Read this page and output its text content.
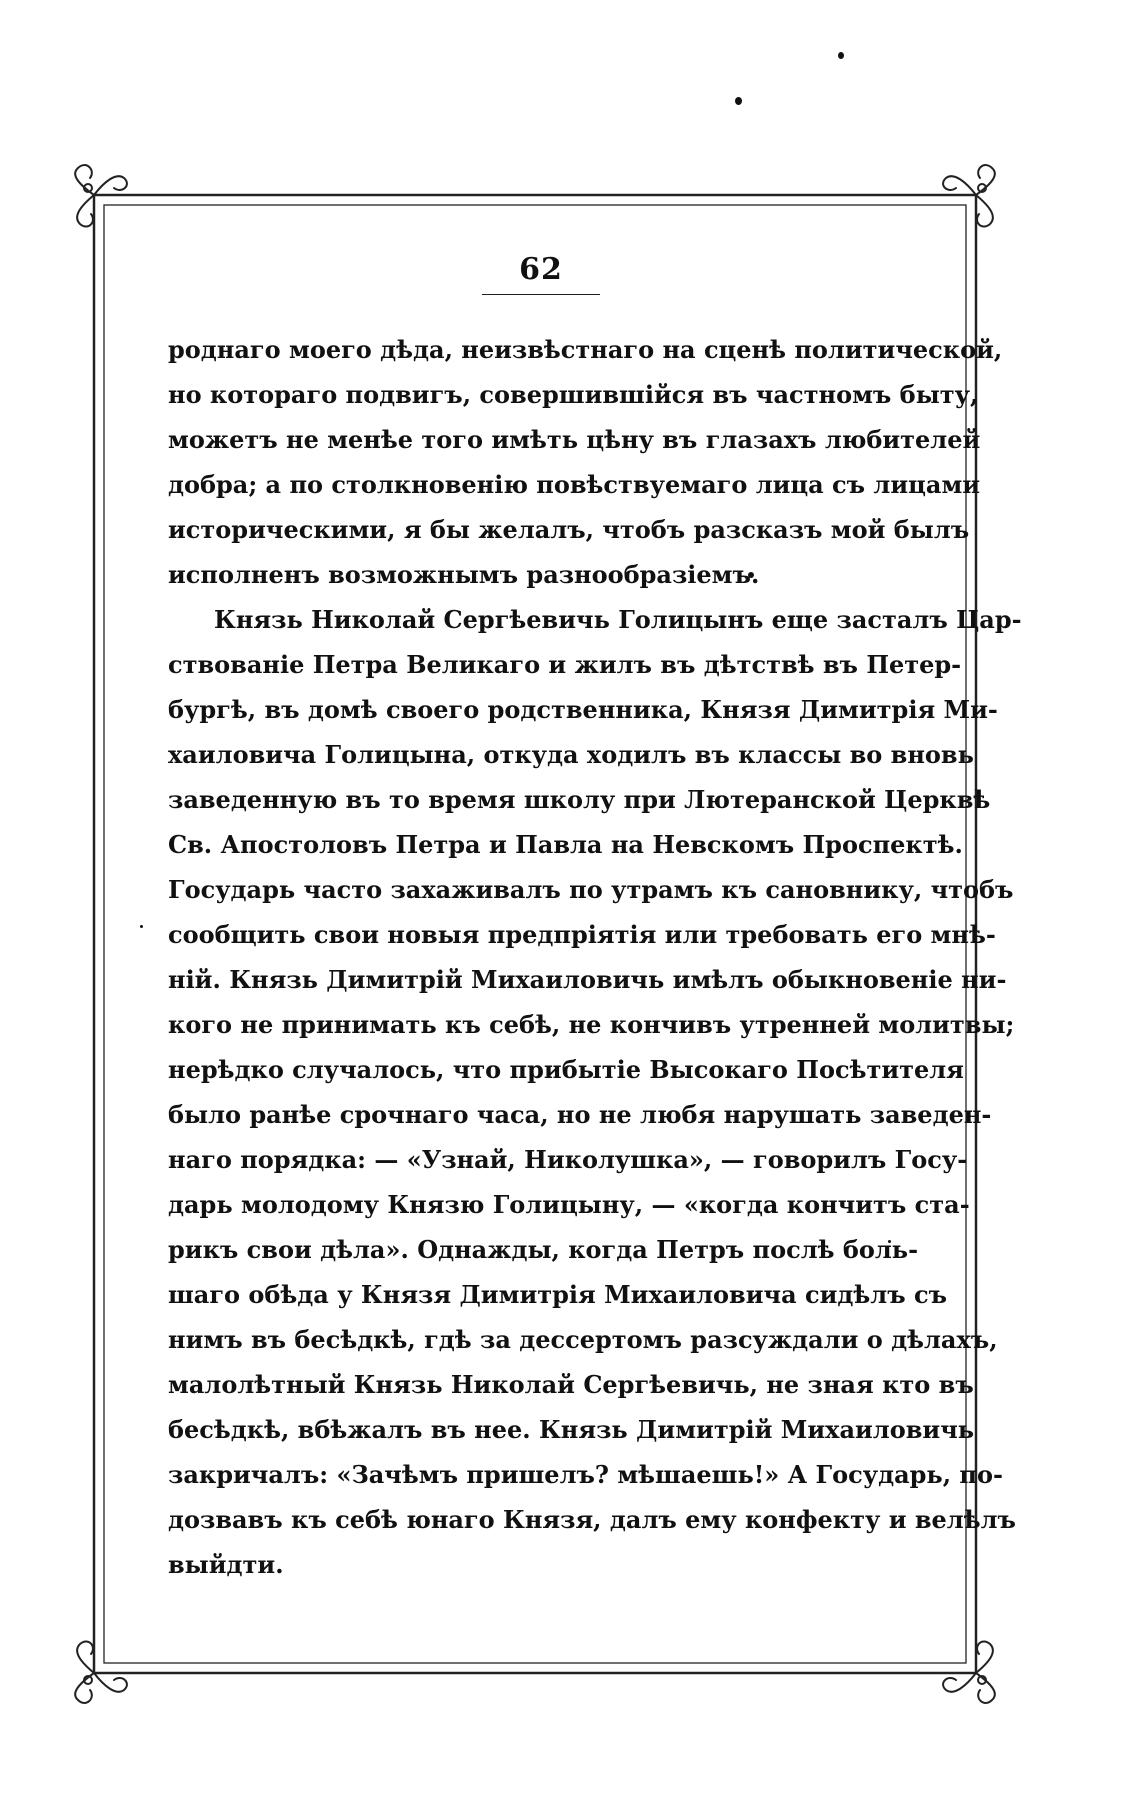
62
роднаго моего дѣда, неизвѣстнаго на сценѣ политической,
но котораго подвигъ, совершившійся въ частномъ быту,
можетъ не менѣе того имѣть цѣну въ глазахъ любителей
добра; а по столкновенію повѣствуемаго лица съ лицами
историческими, я бы желалъ, чтобъ разсказъ мой былъ
исполненъ возможнымъ разнообразіемъ.
Князь Николай Сергѣевичь Голицынъ еще засталъ Цар-
ствованіе Петра Великаго и жилъ въ дѣтствѣ въ Петер-
бургѣ, въ домѣ своего родственника, Князя Димитрія Ми-
хаиловича Голицына, откуда ходилъ въ классы во вновь
заведенную въ то время школу при Лютеранской Церквѣ
Св. Апостоловъ Петра и Павла на Невскомъ Проспектѣ.
Государь часто захаживалъ по утрамъ къ сановнику, чтобъ
сообщить свои новыя предпріятія или требовать его мнѣ-
ній. Князь Димитрій Михаиловичь имѣлъ обыкновеніе ни-
кого не принимать къ себѣ, не кончивъ утренней молитвы;
нерѣдко случалось, что прибытіе Высокаго Посѣтителя
было ранѣе срочнаго часа, но не любя нарушать заведен-
наго порядка: — «Узнай, Николушка», — говорилъ Госу-
дарь молодому Князю Голицыну, — «когда кончитъ ста-
рикъ свои дѣла». Однажды, когда Петръ послѣ боль-
шаго обѣда у Князя Димитрія Михаиловича сидѣлъ съ
нимъ въ бесѣдкѣ, гдѣ за дессертомъ разсуждали о дѣлахъ,
малолѣтный Князь Николай Сергѣевичь, не зная кто въ
бесѣдкѣ, вбѣжалъ въ нее. Князь Димитрій Михаиловичь
закричалъ: «Зачѣмъ пришелъ? мѣшаешь!» А Государь, по-
дозвавъ къ себѣ юнаго Князя, далъ ему конфекту и велѣлъ
выйдти.
